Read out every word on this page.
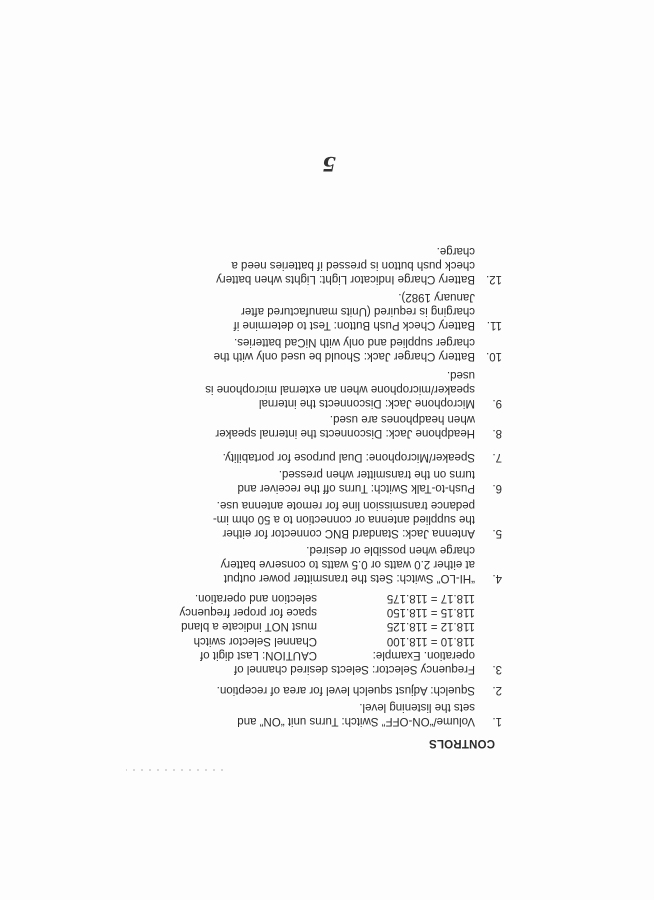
CONTROLS
1.

Volume/“ON-OFF” Switch: Turns unit “ON” and

sets the listening level.

2.

Squelch: Adjust squelch level for area of reception.

3.

Frequency Selector: Selects desired channel of

operation. Example:
118.10 = 118.100
118.12 = 118.125
118.15 = 118.150
118.17 = 118.175
CAUTION: Last digit of
Channel Selector switch
must NOT indicate a bland
space for proper frequency
selection and operation.
4.

“HI-LO” Switch: Sets the transmitter power output

at either 2.0 watts or 0.5 watts to conserve battery

charge when possible or desired.

5.

Antenna Jack: Standard BNC connector for either

the supplied antenna or connection to a 50 ohm im-

pedance transmission line for remote antenna use.

6.

Push-to-Talk Switch: Turns off the receiver and

turns on the transmitter when pressed.

7.

Speaker/Microphone: Dual purpose for portability.

8.

Headphone Jack: Disconnects the internal speaker

when headphones are used.

9.

Microphone Jack: Disconnects the internal

speaker/microphone when an external microphone is

used.

10.

Battery Charger Jack: Should be used only with the

charger supplied and only with NiCad batteries.

11.

Battery Check Push Button: Test to determine if

charging is required (Units manufactured after

January 1982).

12.

Battery Charge Indicator Light: Lights when battery

check push button is pressed if batteries need a

charge.

5
